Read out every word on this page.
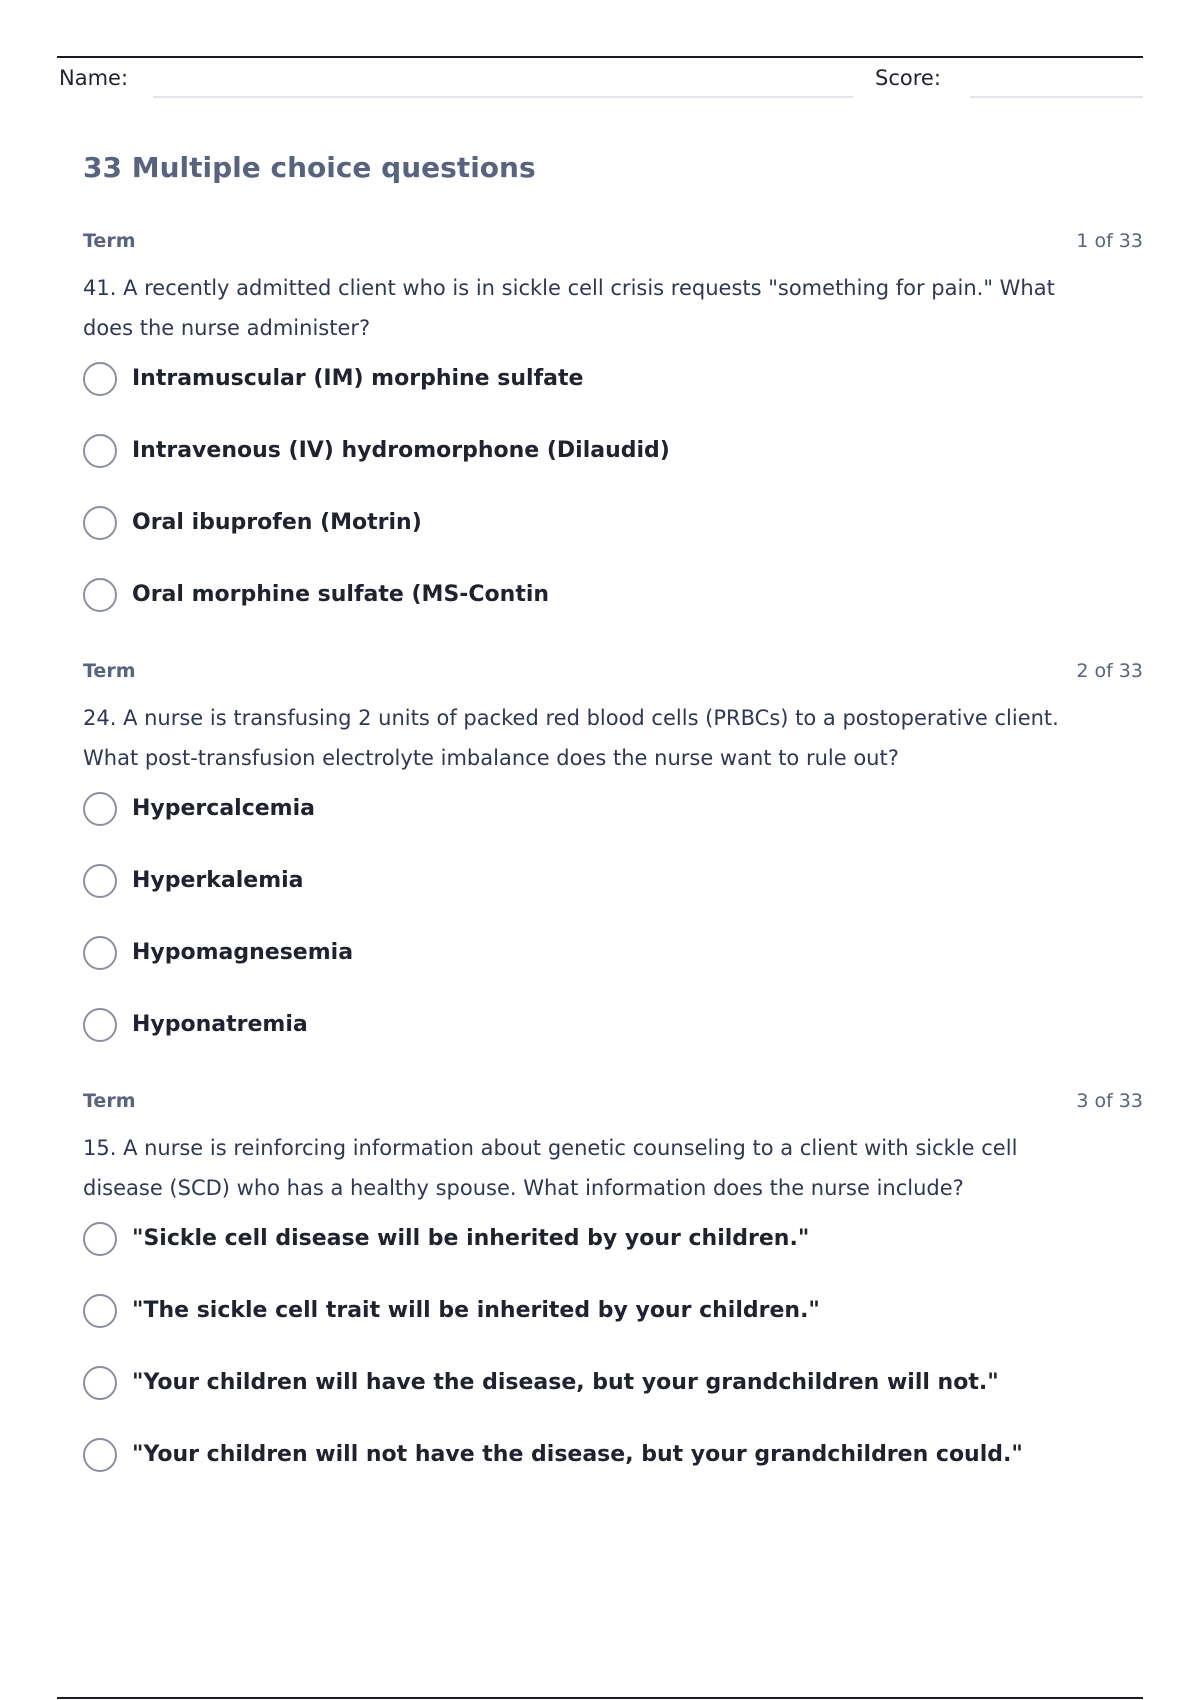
Name:	Score:
33 Multiple choice questions
Term	1 of 33
41. A recently admitted client who is in sickle cell crisis requests "something for pain." What does the nurse administer?
Intramuscular (IM) morphine sulfate
Intravenous (IV) hydromorphone (Dilaudid)
Oral ibuprofen (Motrin)
Oral morphine sulfate (MS-Contin
Term	2 of 33
24. A nurse is transfusing 2 units of packed red blood cells (PRBCs) to a postoperative client. What post-transfusion electrolyte imbalance does the nurse want to rule out?
Hypercalcemia
Hyperkalemia
Hypomagnesemia
Hyponatremia
Term	3 of 33
15. A nurse is reinforcing information about genetic counseling to a client with sickle cell disease (SCD) who has a healthy spouse. What information does the nurse include?
"Sickle cell disease will be inherited by your children."
"The sickle cell trait will be inherited by your children."
"Your children will have the disease, but your grandchildren will not."
"Your children will not have the disease, but your grandchildren could."
